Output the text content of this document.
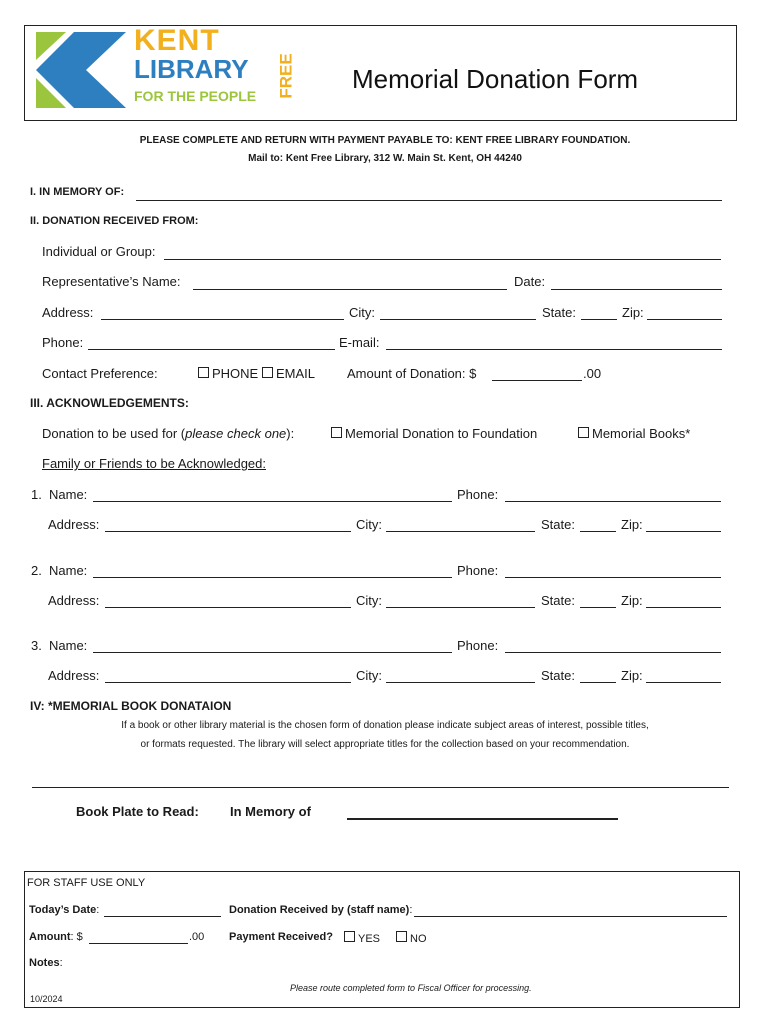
KENT
LIBRARY
FOR THE PEOPLE FREE Memorial Donation Form
PLEASE COMPLETE AND RETURN WITH PAYMENT PAYABLE TO: KENT FREE LIBRARY FOUNDATION.
Mail to: Kent Free Library, 312 W. Main St. Kent, OH 44240
I. IN MEMORY OF:
II. DONATION RECEIVED FROM:
Individual or Group:
Representative’s Name:	Date:
Address:	City:	State:	Zip:
Phone:	E-mail:
Contact Preference:	PHONE	EMAIL Amount of Donation: $	.00
III. ACKNOWLEDGEMENTS:
Donation to be used for (please check one):	Memorial Donation to Foundation	Memorial Books*
Family or Friends to be Acknowledged:
1. Name:	Phone:
Address:	City:	State:	Zip:
2. Name:	Phone:
Address:	City:	State:	Zip:
3. Name:	Phone:
Address:	City:	State:	Zip:
IV: *MEMORIAL BOOK DONATAION
If a book or other library material is the chosen form of donation please indicate subject areas of interest, possible titles,
or formats requested. The library will select appropriate titles for the collection based on your recommendation.
Book Plate to Read: In Memory of
FOR STAFF USE ONLY
Today’s Date:	Donation Received by (staff name):
Amount: $	.00 Payment Received?	YES	NO
Notes:
Please route completed form to Fiscal Officer for processing.
10/2024
